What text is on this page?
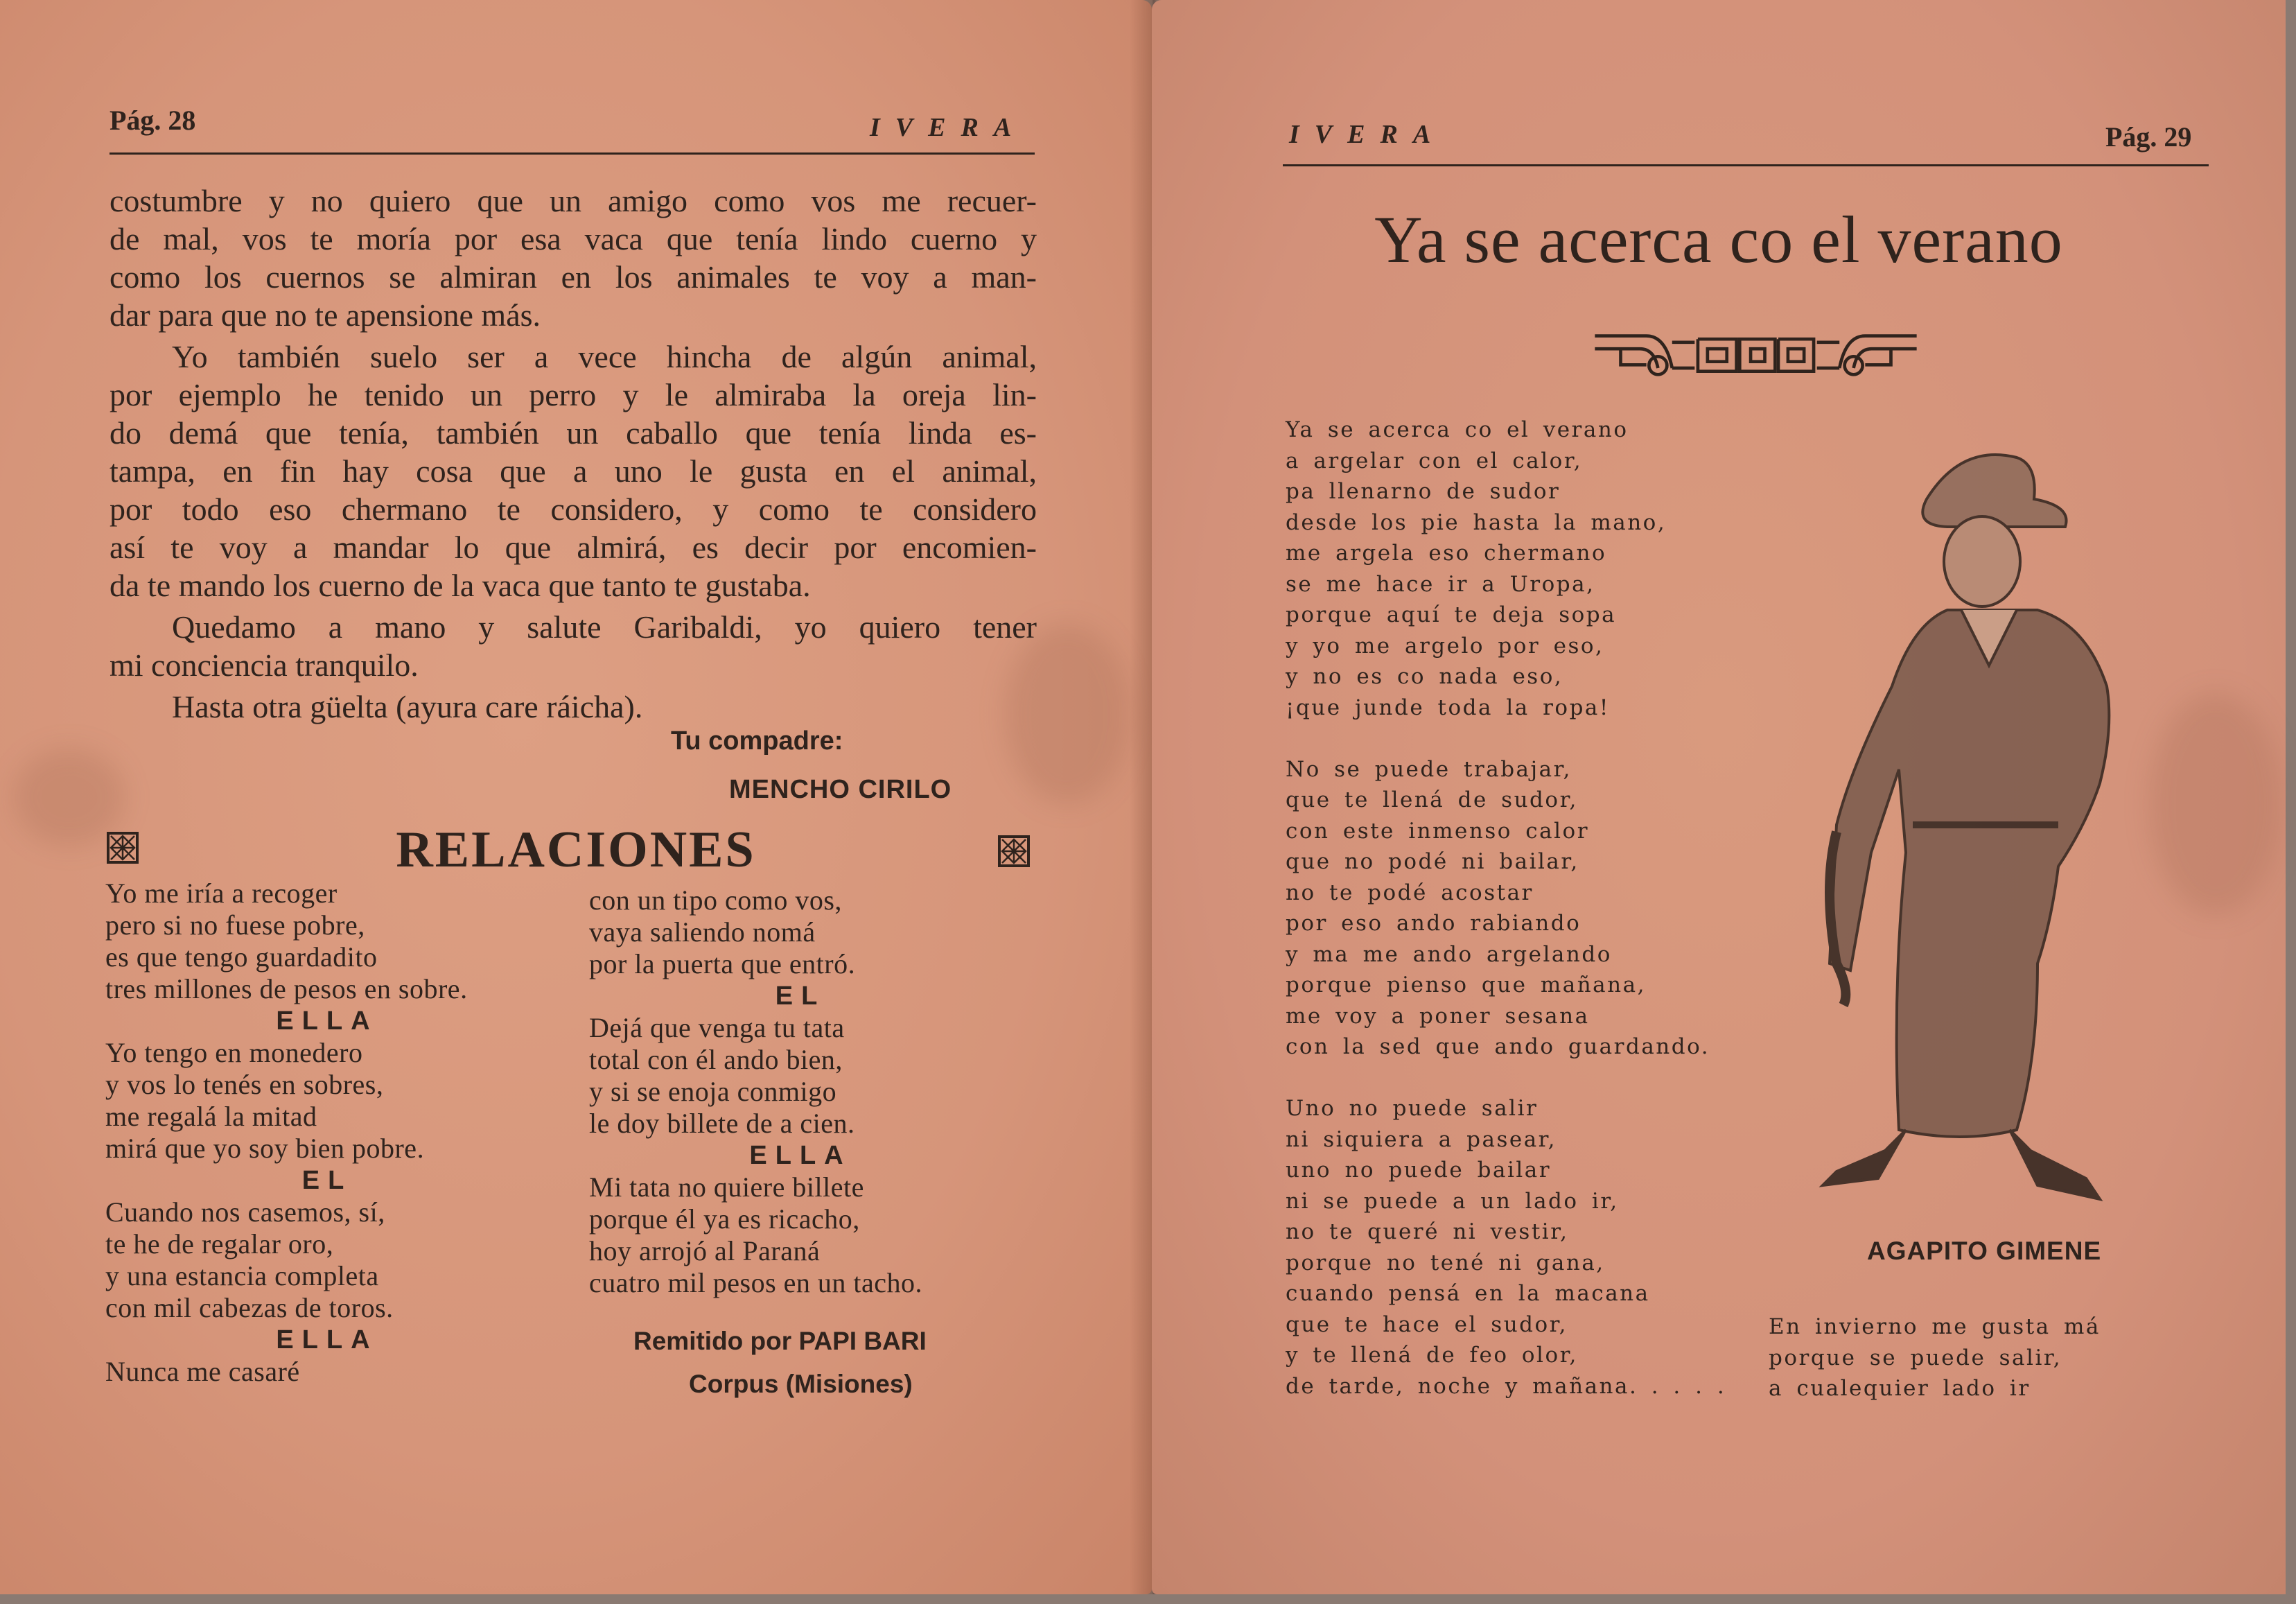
Pág. 28	IVERA
costumbre y no quiero que un amigo como vos me recuer-
de mal, vos te moría por esa vaca que tenía lindo cuerno y
como los cuernos se almiran en los animales te voy a man-
dar para que no te apensione más.
Yo también suelo ser a vece hincha de algún animal,
por ejemplo he tenido un perro y le almiraba la oreja lin-
do demá que tenía, también un caballo que tenía linda es-
tampa, en fin hay cosa que a uno le gusta en el animal,
por todo eso chermano te considero, y como te considero
así te voy a mandar lo que almirá, es decir por encomien-
da te mando los cuerno de la vaca que tanto te gustaba.
Quedamo a mano y salute Garibaldi, yo quiero tener
mi conciencia tranquilo.
Hasta otra güelta (ayura care ráicha).
Tu compadre:
MENCHO CIRILO
RELACIONES
Yo me iría a recoger
pero si no fuese pobre,
es que tengo guardadito
tres millones de pesos en sobre.
ELLA
Yo tengo en monedero
y vos lo tenés en sobres,
me regalá la mitad
mirá que yo soy bien pobre.
EL
Cuando nos casemos, sí,
te he de regalar oro,
y una estancia completa
con mil cabezas de toros.
ELLA
Nunca me casaré
con un tipo como vos,
vaya saliendo nomá
por la puerta que entró.
EL
Dejá que venga tu tata
total con él ando bien,
y si se enoja conmigo
le doy billete de a cien.
ELLA
Mi tata no quiere billete
porque él ya es ricacho,
hoy arrojó al Paraná
cuatro mil pesos en un tacho.
Remitido por PAPI BARI
Corpus (Misiones)
IVERA	Pág. 29
Ya se acerca co el verano
Ya se acerca co el verano
a argelar con el calor,
pa llenarno de sudor
desde los pie hasta la mano,
me argela eso chermano
se me hace ir a Uropa,
porque aquí te deja sopa
y yo me argelo por eso,
y no es co nada eso,
¡que junde toda la ropa!
No se puede trabajar,
que te llená de sudor,
con este inmenso calor
que no podé ni bailar,
no te podé acostar
por eso ando rabiando
y ma me ando argelando
porque pienso que mañana,
me voy a poner sesana
con la sed que ando guardando.
Uno no puede salir
ni siquiera a pasear,
uno no puede bailar
ni se puede a un lado ir,
no te queré ni vestir,
porque no tené ni gana,
cuando pensá en la macana
que te hace el sudor,
y te llená de feo olor,
de tarde, noche y mañana. . . . .
AGAPITO GIMENE
En invierno me gusta má
porque se puede salir,
a cualequier lado ir
